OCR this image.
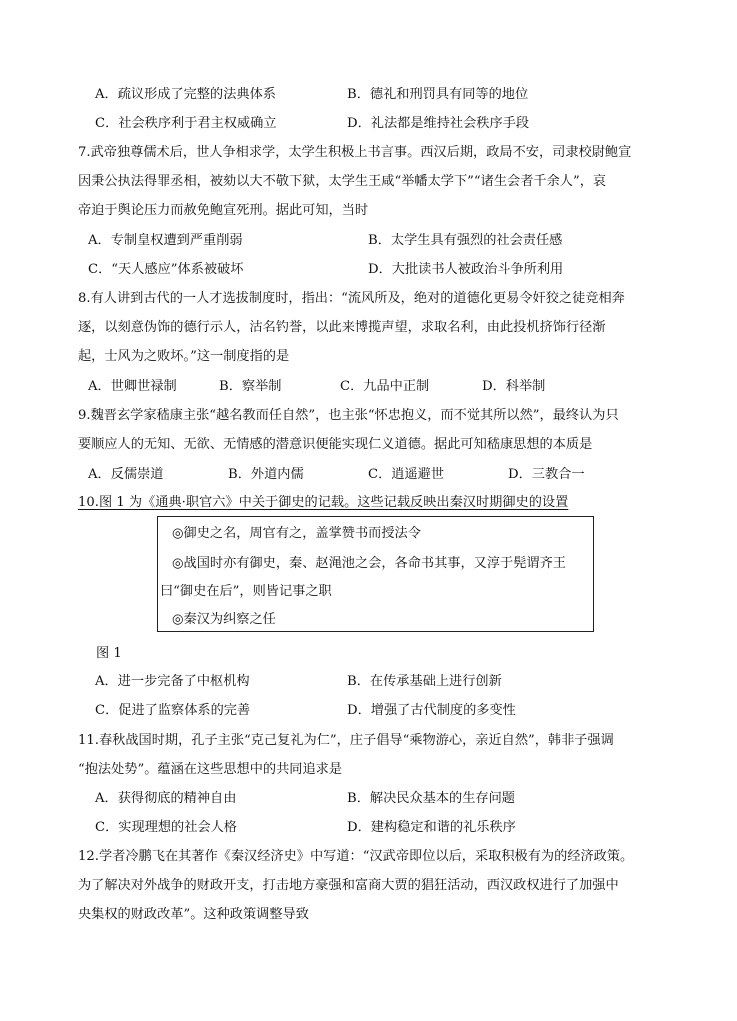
A．疏议形成了完整的法典体系	B．德礼和刑罚具有同等的地位
C．社会秩序利于君主权威确立	D．礼法都是维持社会秩序手段
7.武帝独尊儒术后，世人争相求学，太学生积极上书言事。西汉后期，政局不安，司隶校尉鲍宣
因秉公执法得罪丞相，被劾以大不敬下狱，太学生王咸“举幡太学下”“诸生会者千余人”，哀
帝迫于舆论压力而赦免鲍宣死刑。据此可知，当时
A．专制皇权遭到严重削弱	B．太学生具有强烈的社会责任感
C．“天人感应”体系被破坏	D．大批读书人被政治斗争所利用
8.有人讲到古代的一人才选拔制度时，指出：“流风所及，绝对的道德化更易令奸狡之徒竞相奔
逐，以刻意伪饰的德行示人，沽名钓誉，以此来博揽声望，求取名利，由此投机挤饰行径渐
起，士风为之败坏。”这一制度指的是
A．世卿世禄制	B．察举制	C．九品中正制	D．科举制
9.魏晋玄学家嵇康主张“越名教而任自然”，也主张“怀忠抱义，而不觉其所以然”，最终认为只
要顺应人的无知、无欲、无情感的潜意识便能实现仁义道德。据此可知嵇康思想的本质是
A．反儒崇道	B．外道内儒	C．逍遥避世	D．三教合一
10.图 1 为《通典·职官六》中关于御史的记载。这些记载反映出秦汉时期御史的设置
◎御史之名，周官有之，盖掌赞书而授法令
◎战国时亦有御史，秦、赵渑池之会，各命书其事，又淳于髡谓齐王
曰“御史在后”，则皆记事之职
◎秦汉为纠察之任
图 1
A．进一步完备了中枢机构	B．在传承基础上进行创新
C．促进了监察体系的完善	D．增强了古代制度的多变性
11.春秋战国时期，孔子主张“克己复礼为仁”，庄子倡导“乘物游心，亲近自然”，韩非子强调
“抱法处势”。蕴涵在这些思想中的共同追求是
A．获得彻底的精神自由	B．解决民众基本的生存问题
C．实现理想的社会人格	D．建构稳定和谐的礼乐秩序
12.学者冷鹏飞在其著作《秦汉经济史》中写道：“汉武帝即位以后，采取积极有为的经济政策。
为了解决对外战争的财政开支，打击地方豪强和富商大贾的猖狂活动，西汉政权进行了加强中
央集权的财政改革”。这种政策调整导致
